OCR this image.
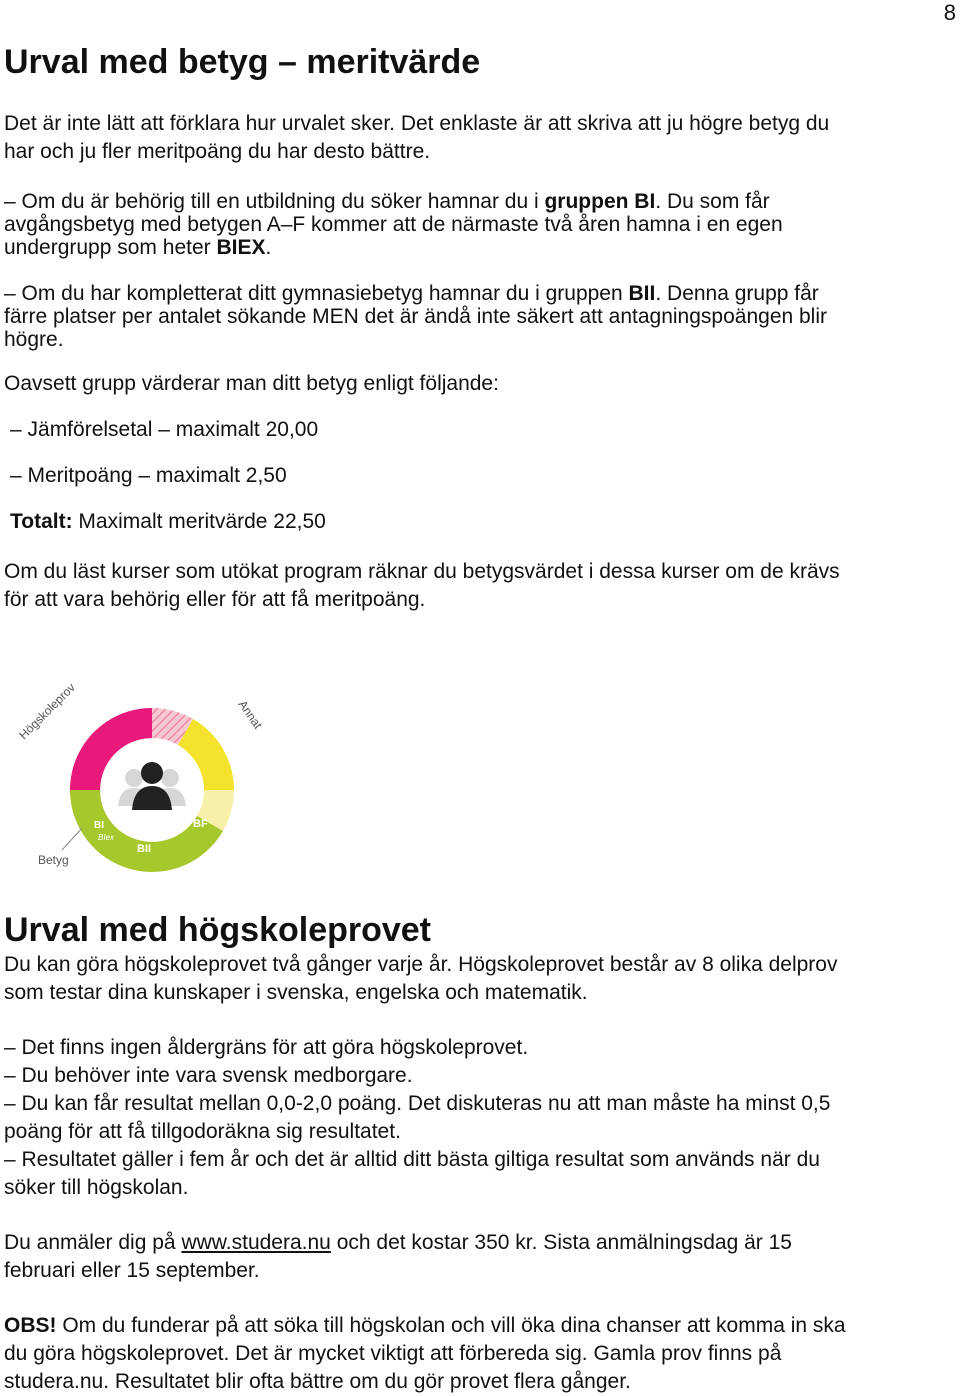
8
Urval med betyg – meritvärde
Det är inte lätt att förklara hur urvalet sker. Det enklaste är att skriva att ju högre betyg du
har och ju fler meritpoäng du har desto bättre.
– Om du är behörig till en utbildning du söker hamnar du i gruppen BI. Du som får
avgångsbetyg med betygen A–F kommer att de närmaste två åren hamna i en egen
undergrupp som heter BIEX.
– Om du har kompletterat ditt gymnasiebetyg hamnar du i gruppen BII. Denna grupp får
färre platser per antalet sökande MEN det är ändå inte säkert att antagningspoängen blir
högre.
Oavsett grupp värderar man ditt betyg enligt följande:
– Jämförelsetal – maximalt 20,00
– Meritpoäng – maximalt 2,50
Totalt: Maximalt meritvärde 22,50
Om du läst kurser som utökat program räknar du betygsvärdet i dessa kurser om de krävs
för att vara behörig eller för att få meritpoäng.
BI
BIex
BII
BF
Högskoleprov	Annat
Betyg
Urval med högskoleprovet
Du kan göra högskoleprovet två gånger varje år. Högskoleprovet består av 8 olika delprov
som testar dina kunskaper i svenska, engelska och matematik.
– Det finns ingen åldergräns för att göra högskoleprovet.
– Du behöver inte vara svensk medborgare.
– Du kan får resultat mellan 0,0-2,0 poäng. Det diskuteras nu att man måste ha minst 0,5
poäng för att få tillgodoräkna sig resultatet.
– Resultatet gäller i fem år och det är alltid ditt bästa giltiga resultat som används när du
söker till högskolan.
Du anmäler dig på www.studera.nu och det kostar 350 kr. Sista anmälningsdag är 15
februari eller 15 september.
OBS! Om du funderar på att söka till högskolan och vill öka dina chanser att komma in ska
du göra högskoleprovet. Det är mycket viktigt att förbereda sig. Gamla prov finns på
studera.nu. Resultatet blir ofta bättre om du gör provet flera gånger.
